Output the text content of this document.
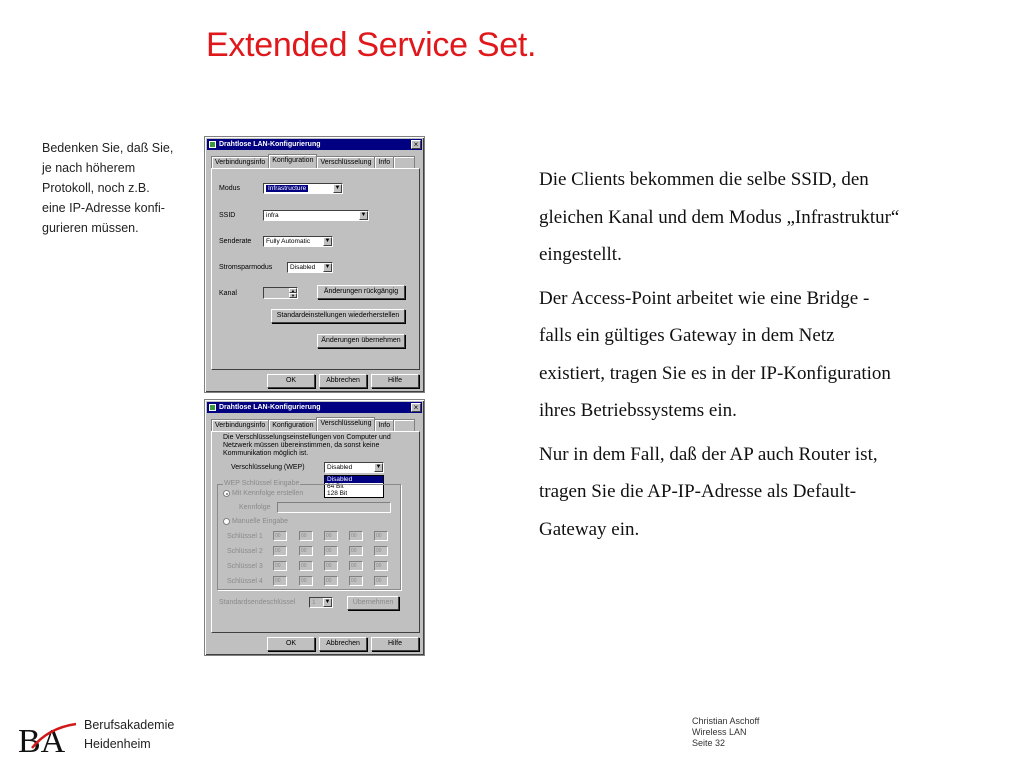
Extended Service Set.
Bedenken Sie, daß Sie,
je nach höherem
Protokoll, noch z.B.
eine IP-Adresse konfi-
gurieren müssen.

Die Clients bekommen die selbe SSID, den
gleichen Kanal und dem Modus „Infrastruktur“
eingestellt.

Der Access-Point arbeitet wie eine Bridge -
falls ein gültiges Gateway in dem Netz
existiert, tragen Sie es in der IP-Konfiguration
ihres Betriebssystems ein.

Nur in dem Fall, daß der AP auch Router ist,
tragen Sie die AP-IP-Adresse als Default-
Gateway ein.

Drahtlose LAN-Konfigurierung	×
Verbindungsinfo	Konfiguration	Verschlüsselung	Info
Modus	Infrastructure	▼
SSID	infra	▼
Senderate	Fully Automatic ▼
Stromsparmodus	Disabled ▼
Kanal	▲
▼
Änderungen rückgängig
Standardeinstellungen wiederherstellen
Änderungen übernehmen
OK	Abbrechen	Hilfe
Drahtlose LAN-Konfigurierung	×
Verbindungsinfo	Konfiguration	Verschlüsselung	Info
Die Verschlüsselungseinstellungen von Computer und
Netzwerk müssen übereinstimmen, da sonst keine
Kommunikation möglich ist.
Verschlüsselung (WEP)	Disabled	▼
Disabled
64 Bit
128 Bit
WEP Schlüssel Eingabe
Mit Kennfolge erstellen
Kennfolge
Manuelle Eingabe
Schlüssel 1	00	00	00	00	00
Schlüssel 2	00	00	00	00	00
Schlüssel 3	00	00	00	00	00
Schlüssel 4	00	00	00	00	00
Standardsendeschlüssel	1 ▼	Übernehmen
OK	Abbrechen	Hilfe
BA Berufsakademie
Heidenheim
Christian Aschoff
Wireless LAN
Seite 32
